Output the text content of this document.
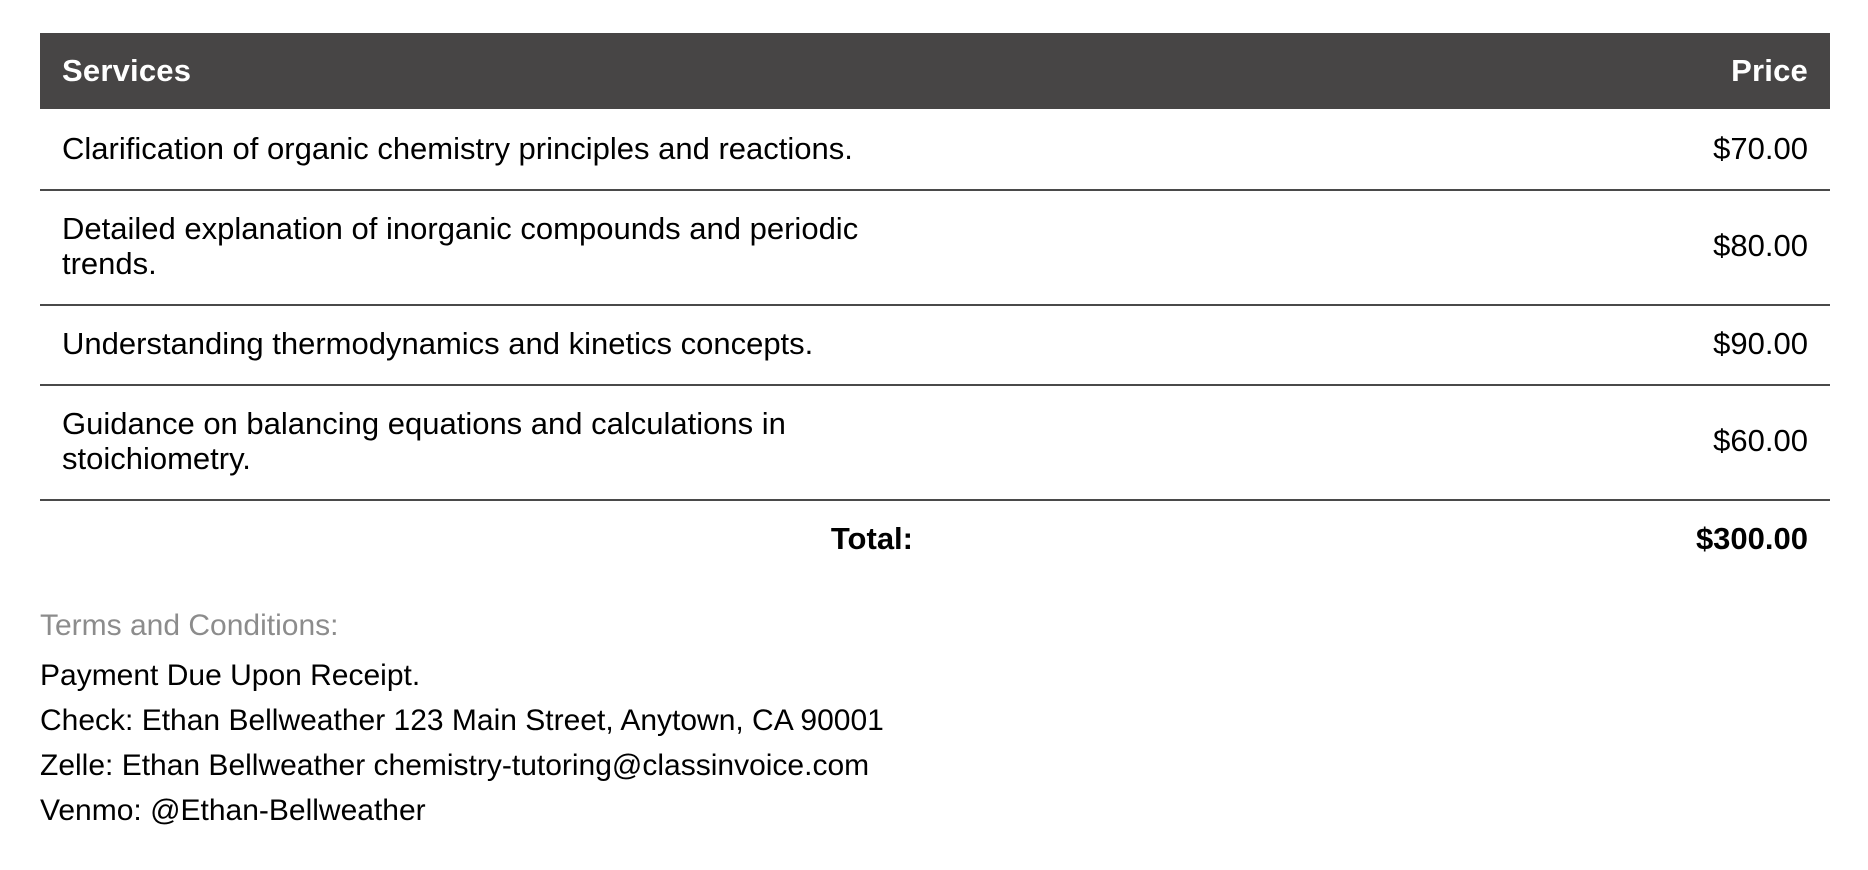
Services	Price
Clarification of organic chemistry principles and reactions.	$70.00
Detailed explanation of inorganic compounds and periodic trends.	$80.00
Understanding thermodynamics and kinetics concepts.	$90.00
Guidance on balancing equations and calculations in stoichiometry.	$60.00
Total:	$300.00
Terms and Conditions:
Payment Due Upon Receipt.
Check: Ethan Bellweather 123 Main Street, Anytown, CA 90001
Zelle: Ethan Bellweather chemistry-tutoring@classinvoice.com
Venmo: @Ethan-Bellweather
